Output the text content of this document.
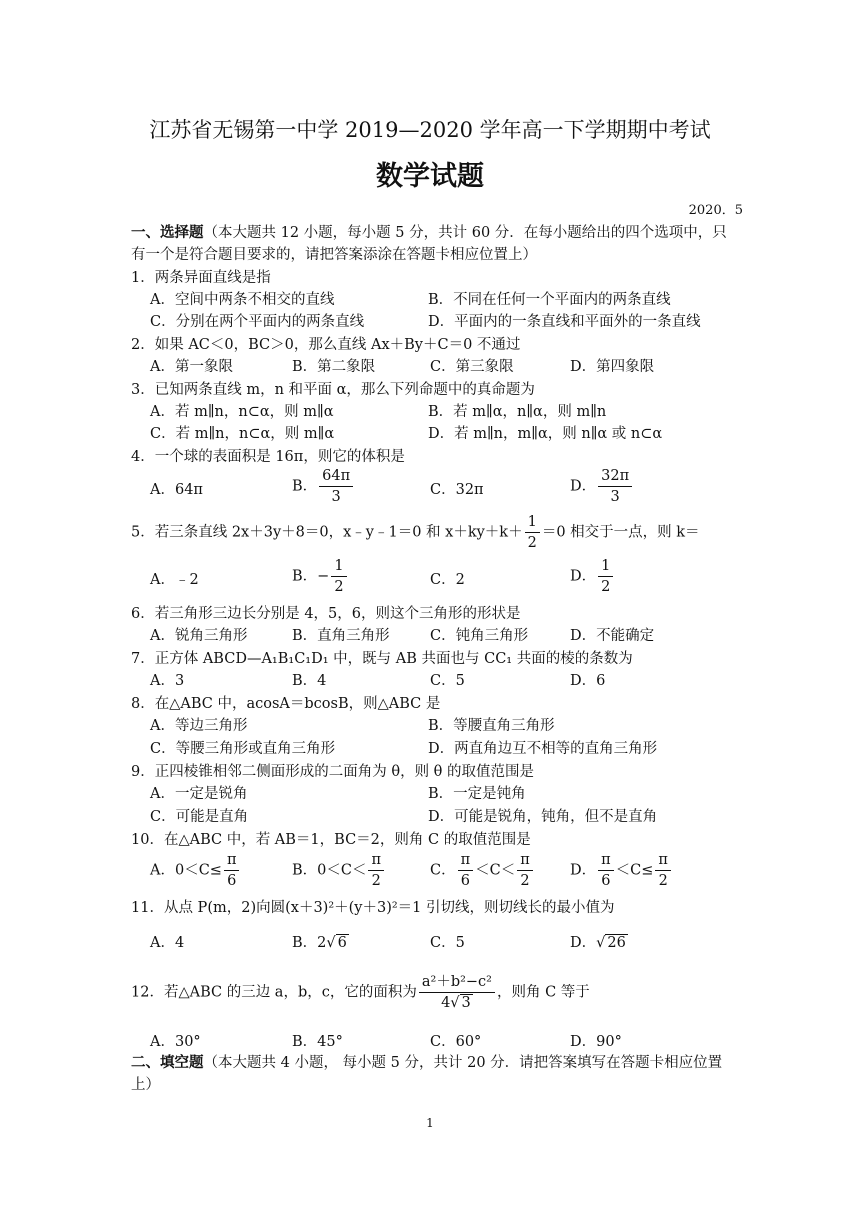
江苏省无锡第一中学 2019—2020 学年高一下学期期中考试
数学试题
2020．5
一、选择题（本大题共 12 小题，每小题 5 分，共计 60 分．在每小题给出的四个选项中，只有一个是符合题目要求的，请把答案添涂在答题卡相应位置上）
1．两条异面直线是指
A．空间中两条不相交的直线	B．不同在任何一个平面内的两条直线
C．分别在两个平面内的两条直线	D．平面内的一条直线和平面外的一条直线
2．如果 AC＜0，BC＞0，那么直线 Ax＋By＋C＝0 不通过
A．第一象限	B．第二象限	C．第三象限	D．第四象限
3．已知两条直线 m，n 和平面 α，那么下列命题中的真命题为
A．若 m∥n，n⊂α，则 m∥α	B．若 m∥α，n∥α，则 m∥n
C．若 m∥n，n⊂α，则 m∥α	D．若 m∥n，m∥α，则 n∥α 或 n⊂α
4．一个球的表面积是 16π，则它的体积是
A．64π	B． $\frac{64\pi}{3}$	C．32π	D． $\frac{32\pi}{3}$
5．若三条直线 2x＋3y＋8＝0，x﹣y﹣1＝0 和 $x+ky+k+ \frac{1}{2} =0$ 相交于一点，则 k＝
A．﹣2	B．− $\frac{1}{2}$	C．2	D． $\frac{1}{2}$
6．若三角形三边长分别是 4，5，6，则这个三角形的形状是
A．锐角三角形	B．直角三角形	C．钝角三角形	D．不能确定
7．正方体 ABCD—A₁B₁C₁D₁ 中，既与 AB 共面也与 CC₁ 共面的棱的条数为
A．3	B．4	C．5	D．6
8．在△ABC 中，acosA＝bcosB，则△ABC 是
A．等边三角形	B．等腰直角三角形
C．等腰三角形或直角三角形	D．两直角边互不相等的直角三角形
9．正四棱锥相邻二侧面形成的二面角为 θ，则 θ 的取值范围是
A．一定是锐角	B．一定是钝角
C．可能是直角	D．可能是锐角，钝角，但不是直角
10．在△ABC 中，若 AB＝1，BC＝2，则角 C 的取值范围是
A．$0<C\le \frac{\pi}{6}$	B．$0<C< \frac{\pi}{2}$	C． $\frac{\pi}{6} <C< \frac{\pi}{2}$	D． $\frac{\pi}{6} <C\le \frac{\pi}{2}$
11．从点 P(m，2)向圆(x＋3)²＋(y＋3)²＝1 引切线，则切线长的最小值为
A．4	B．2√ 6	C．5	D．√ 26
12．若△ABC 的三边 a，b，c，它的面积为 $\frac{\text{a²＋b²−c²}}{4√ 3}$ ，则角 C 等于
A．30°	B．45°	C．60°	D．90°
二、填空题（本大题共 4 小题， 每小题 5 分，共计 20 分．请把答案填写在答题卡相应位置上）
1
